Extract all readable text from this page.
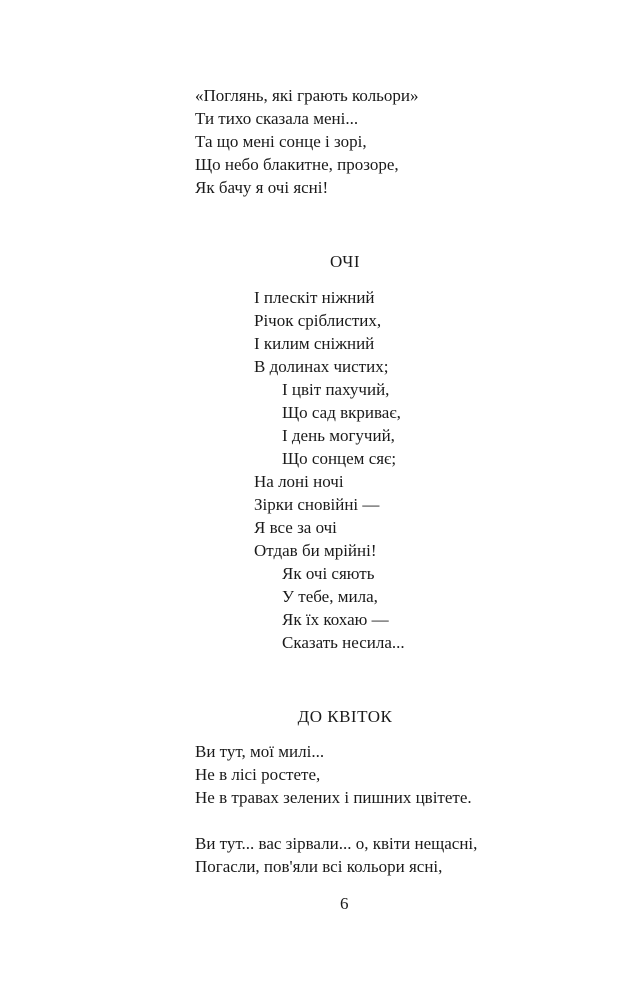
«Поглянь, які грають кольори»
Ти тихо сказала мені...
Та що мені сонце і зорі,
Що небо блакитне, прозоре,
Як бачу я очі ясні!
ОЧІ
І плескіт ніжний
Річок сріблистих,
І килим сніжний
В долинах чистих;
І цвіт пахучий,
Що сад вкриває,
І день могучий,
Що сонцем сяє;
На лоні ночі
Зірки сновійні —
Я все за очі
Отдав би мрійні!
Як очі сяють
У тебе, мила,
Як їх кохаю —
Сказать несила...
ДО КВІТОК
Ви тут, мої милі...
Не в лісі ростете,
Не в травах зелених і пишних цвітете.
Ви тут... вас зірвали... о, квіти нещасні,
Погасли, пов'яли всі кольори ясні,
6
